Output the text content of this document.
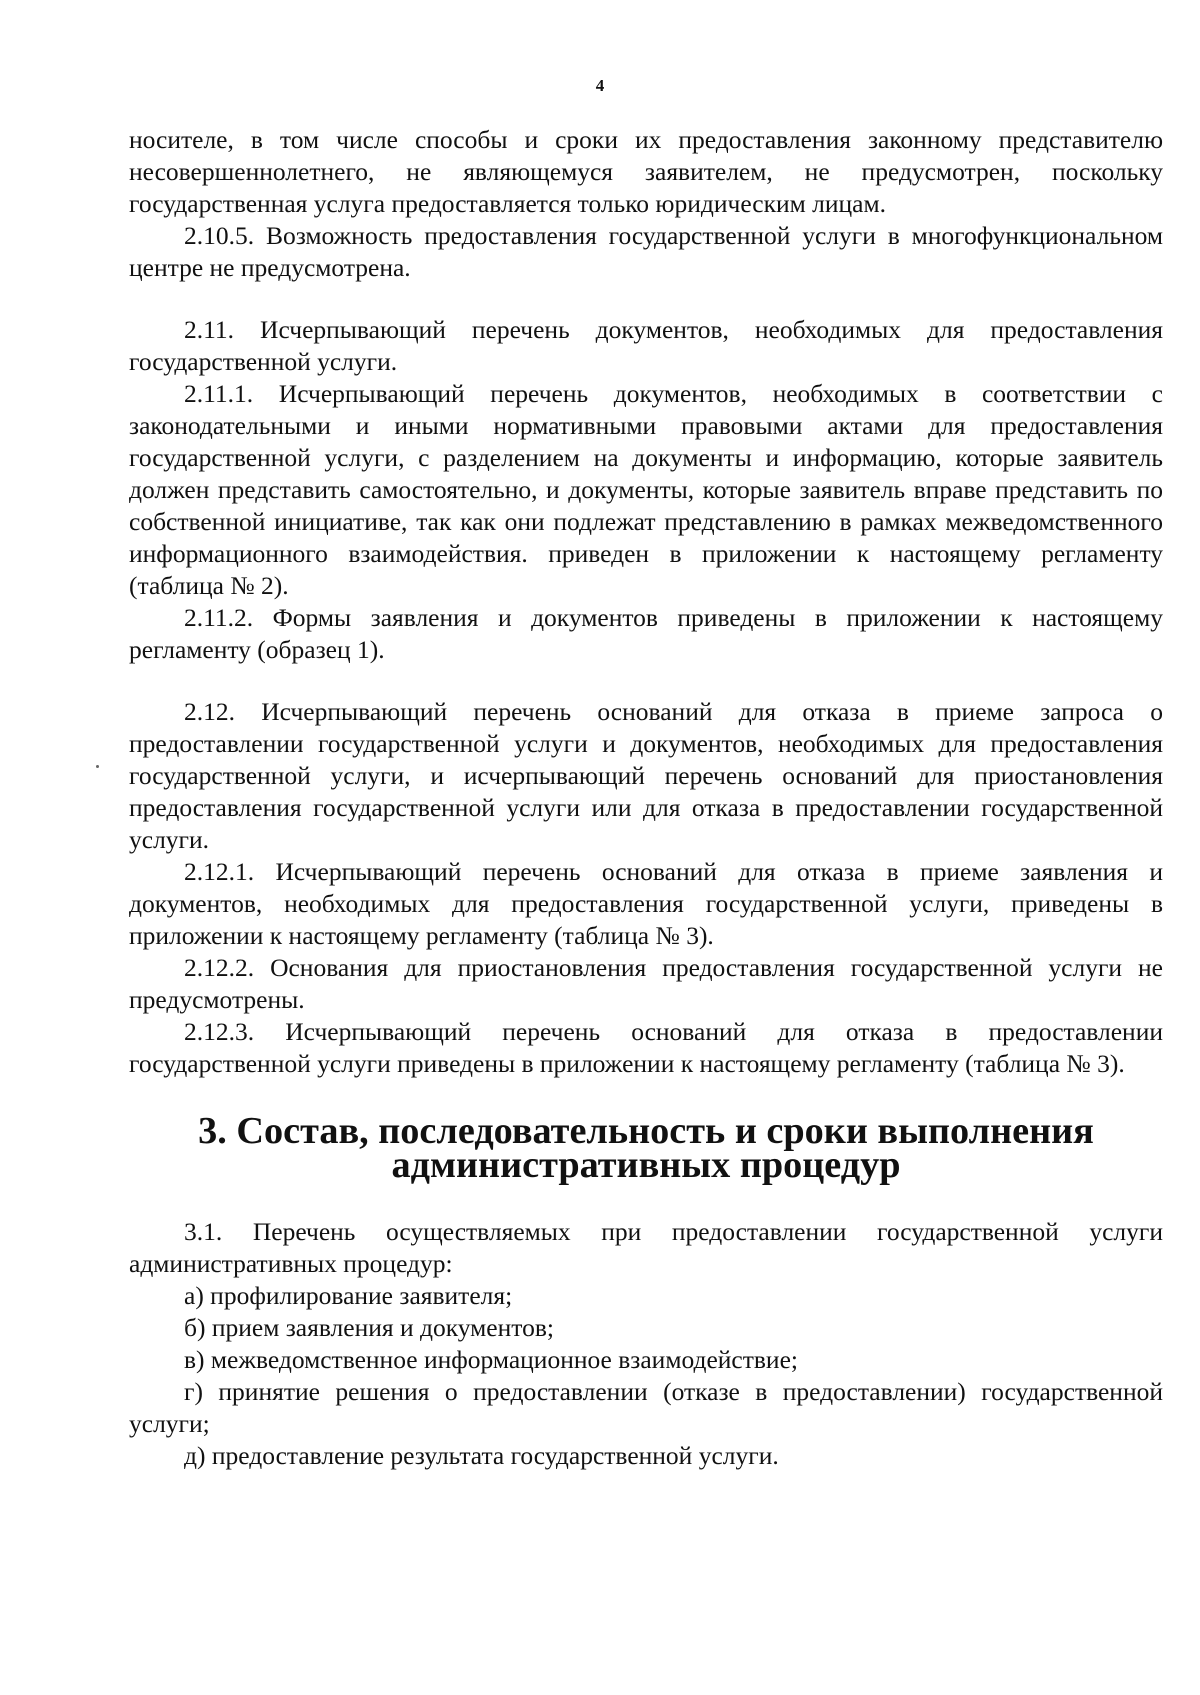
4

носителе, в том числе способы и сроки их предоставления законному представителю несовершеннолетнего, не являющемуся заявителем, не предусмотрен, поскольку государственная услуга предоставляется только юридическим лицам.

2.10.5. Возможность предоставления государственной услуги в многофункциональном центре не предусмотрена.

2.11. Исчерпывающий перечень документов, необходимых для предоставления государственной услуги.

2.11.1. Исчерпывающий перечень документов, необходимых в соответствии с законодательными и иными нормативными правовыми актами для предоставления государственной услуги, с разделением на документы и информацию, которые заявитель должен представить самостоятельно, и документы, которые заявитель вправе представить по собственной инициативе, так как они подлежат представлению в рамках межведомственного информационного взаимодействия. приведен в приложении к настоящему регламенту (таблица № 2).

2.11.2. Формы заявления и документов приведены в приложении к настоящему регламенту (образец 1).

2.12. Исчерпывающий перечень оснований для отказа в приеме запроса о предоставлении государственной услуги и документов, необходимых для предоставления государственной услуги, и исчерпывающий перечень оснований для приостановления предоставления государственной услуги или для отказа в предоставлении государственной услуги.

2.12.1. Исчерпывающий перечень оснований для отказа в приеме заявления и документов, необходимых для предоставления государственной услуги, приведены в приложении к настоящему регламенту (таблица № 3).

2.12.2. Основания для приостановления предоставления государственной услуги не предусмотрены.

2.12.3. Исчерпывающий перечень оснований для отказа в предоставлении государственной услуги приведены в приложении к настоящему регламенту (таблица № 3).

3. Состав, последовательность и сроки выполнения
административных процедур

3.1. Перечень осуществляемых при предоставлении государственной услуги административных процедур:

а) профилирование заявителя;

б) прием заявления и документов;

в) межведомственное информационное взаимодействие;

г) принятие решения о предоставлении (отказе в предоставлении) государственной услуги;

д) предоставление результата государственной услуги.
